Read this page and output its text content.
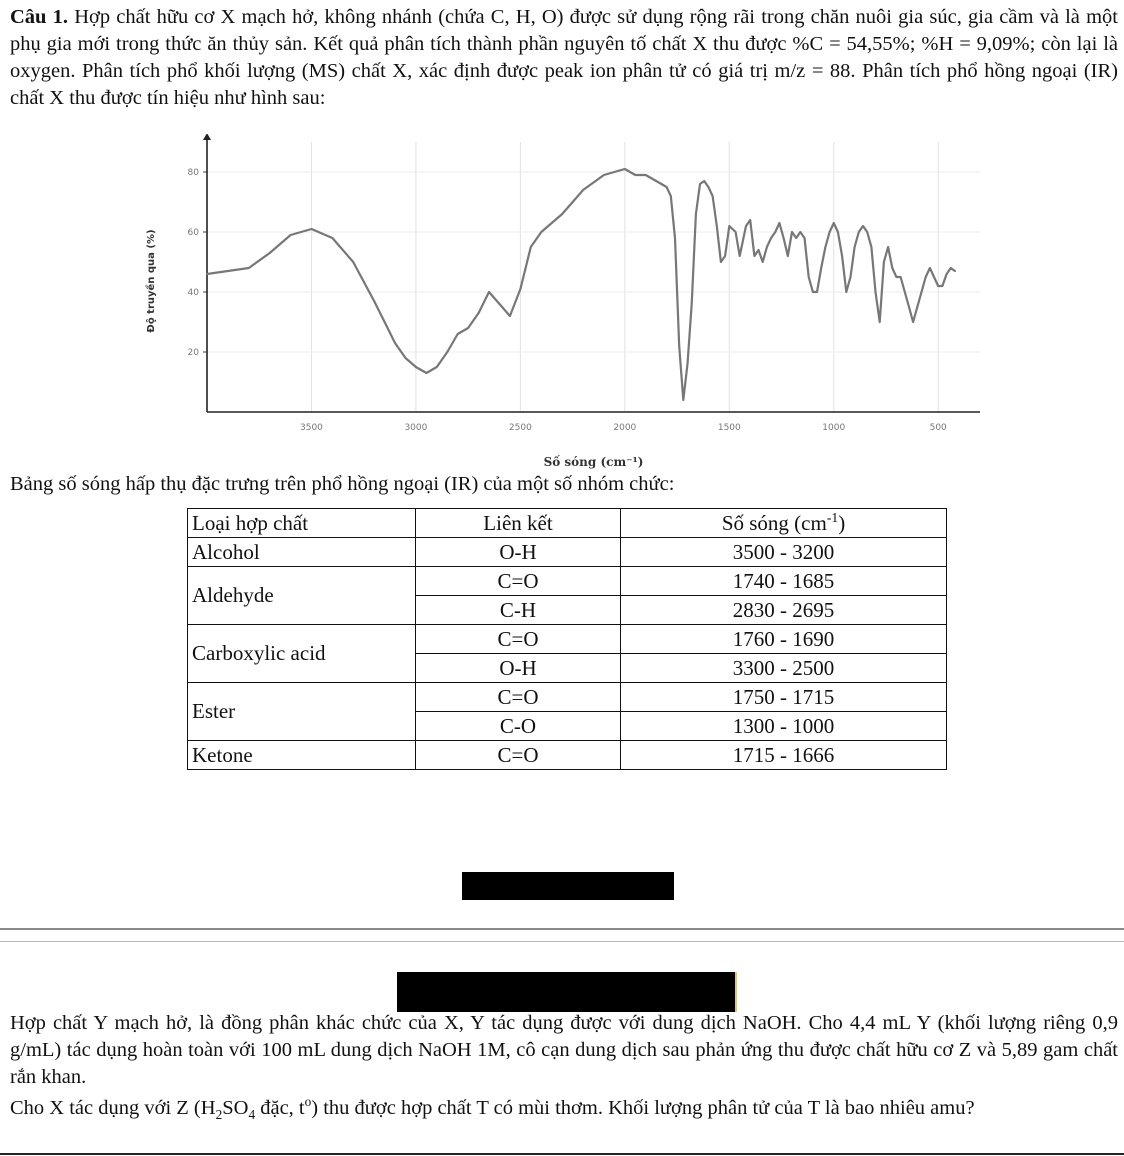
Câu 1. Hợp chất hữu cơ X mạch hở, không nhánh (chứa C, H, O) được sử dụng rộng rãi trong chăn nuôi gia súc, gia cầm và là một phụ gia mới trong thức ăn thủy sản. Kết quả phân tích thành phần nguyên tố chất X thu được %C = 54,55%; %H = 9,09%; còn lại là oxygen. Phân tích phổ khối lượng (MS) chất X, xác định được peak ion phân tử có giá trị m/z = 88. Phân tích phổ hồng ngoại (IR) chất X thu được tín hiệu như hình sau:

3500	3000	2500	2000	1500	1000	500
20
40
60
80
Số sóng (cm⁻¹)
Độ truyền qua (%)
Bảng số sóng hấp thụ đặc trưng trên phổ hồng ngoại (IR) của một số nhóm chức:
Loại hợp chất	Liên kết	Số sóng $(cm^{-1})$
Alcohol	O-H	3500 - 3200
Aldehyde	C=O	1740 - 1685
	C-H	2830 - 2695
Carboxylic acid	C=O	1760 - 1690
	O-H	3300 - 2500
Ester	C=O	1750 - 1715
	C-O	1300 - 1000
Ketone	C=O	1715 - 1666

Hợp chất Y mạch hở, là đồng phân khác chức của X, Y tác dụng được với dung dịch NaOH. Cho 4,4 mL Y (khối lượng riêng 0,9 g/mL) tác dụng hoàn toàn với 100 mL dung dịch NaOH 1M, cô cạn dung dịch sau phản ứng thu được chất hữu cơ Z và 5,89 gam chất rắn khan.

Cho X tác dụng với Z ($H_2SO_4$ đặc, $t^o$) thu được hợp chất T có mùi thơm. Khối lượng phân tử của T là bao nhiêu amu?
